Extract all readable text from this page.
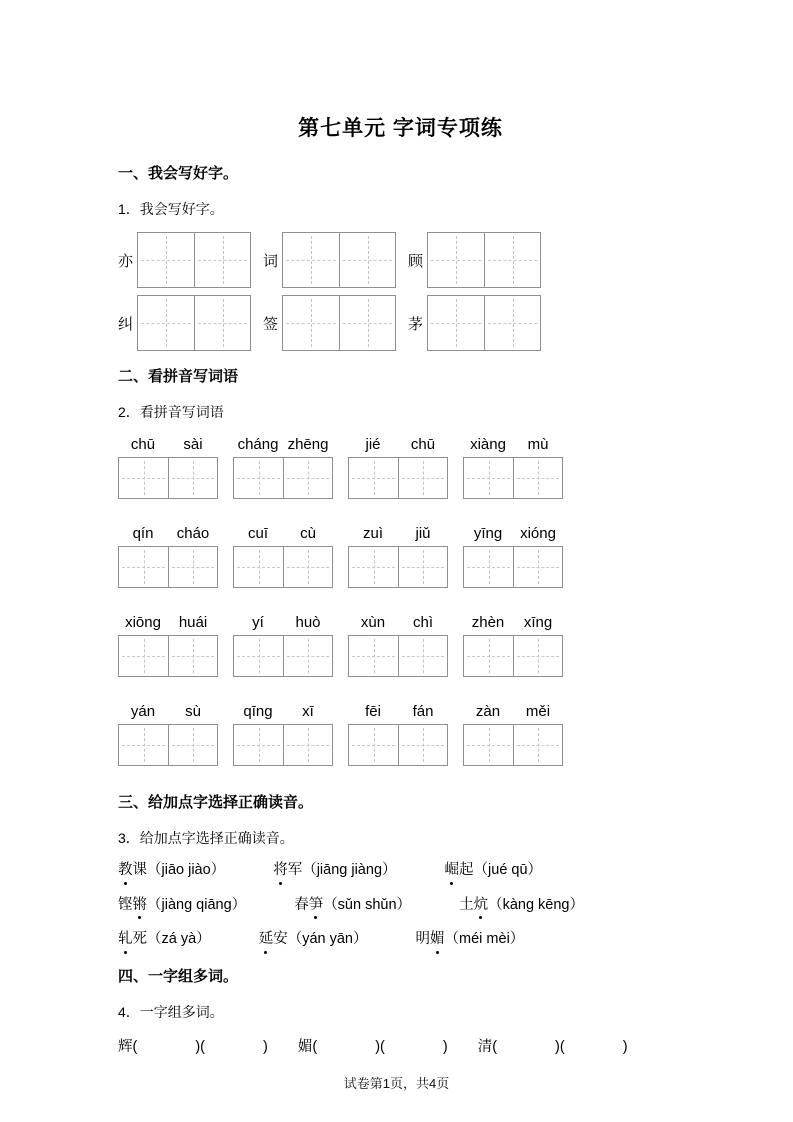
第七单元 字词专项练
一、我会写好字。
1．我会写好字。
亦	词	顾
纠	签	茅
二、看拼音写词语
2．看拼音写词语
chū	sài	cháng zhēng	jié	chū	xiàng	mù
qín	cháo	cuī	cù	zuì	jiǔ	yīng	xióng
xiōng	huái	yí	huò	xùn	chì	zhèn	xīng
yán	sù	qīng	xī	fēi	fán	zàn	měi
三、给加点字选择正确读音。
3．给加点字选择正确读音。
教课（jiāo jiào）	将军（jiāng jiàng）	崛起（jué qū）
铿锵（jiàng qiāng）	春笋（sǔn shǔn）	土炕（kàng kēng）
轧死（zá yà）	延安（yán yān）	明媚（méi mèi）
四、一字组多词。
4．一字组多词。
辉(　　　　)(　　　　) 媚(　　　　)(　　　　) 清(　　　　)(　　　　)
试卷第1页，共4页
